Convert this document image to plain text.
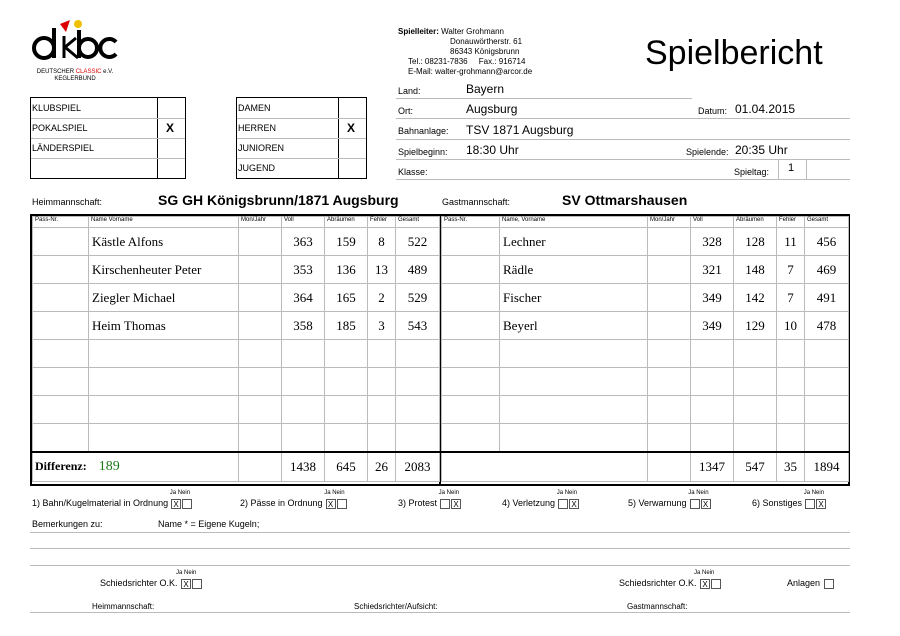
DEUTSCHER CLASSIC e.V.
KEGLERBUND
Spielleiter: Walter Grohmann
Donauwörtherstr. 61
86343 Königsbrunn
Tel.: 08231-7836 Fax.: 916714
E-Mail: walter-grohmann@arcor.de	Spielbericht
KLUBSPIEL
POKALSPIEL	X
LÄNDERSPIEL
DAMEN
HERREN	X
JUNIOREN
JUGEND
Land:	Bayern
Ort:	Augsburg	Datum: 01.04.2015
Bahnanlage: TSV 1871 Augsburg
Spielbeginn: 18:30 Uhr	Spielende: 20:35 Uhr
Klasse:	Spieltag: 1
Heimmannschaft:	SG GH Königsbrunn/1871 Augsburg	Gastmannschaft:	SV Ottmarshausen
Pass-Nr.	Name Vorname	Mon/Jahr	Voll	Abräumen	Fehler	Gesamt
	Kästle Alfons		363	159	8	522
	Kirschenheuter Peter		353	136	13	489
	Ziegler Michael		364	165	2	529
	Heim Thomas		358	185	3	543

Differenz: 189			1438	645	26	2083
Pass-Nr.	Name, Vorname	Mon/Jahr	Voll	Abräumen	Fehler	Gesamt
	Lechner		328	128	11	456
	Rädle		321	148	7	469
	Fischer		349	142	7	491
	Beyerl		349	129	10	478

			1347	547	35	1894
Ja Nein
1) Bahn/Kugelmaterial in Ordnung X
Ja Nein
2) Pässe in Ordnung X
Ja Nein
3) Protest X
Ja Nein
4) Verletzung X
Ja Nein
5) Verwarnung X
Ja Nein
6) Sonstiges X
Bemerkungen zu:	Name * = Eigene Kugeln;
Ja Nein
Schiedsrichter O.K. X
Ja Nein
Schiedsrichter O.K. X	Anlagen
Heimmannschaft:	Schiedsrichter/Aufsicht:	Gastmannschaft:
